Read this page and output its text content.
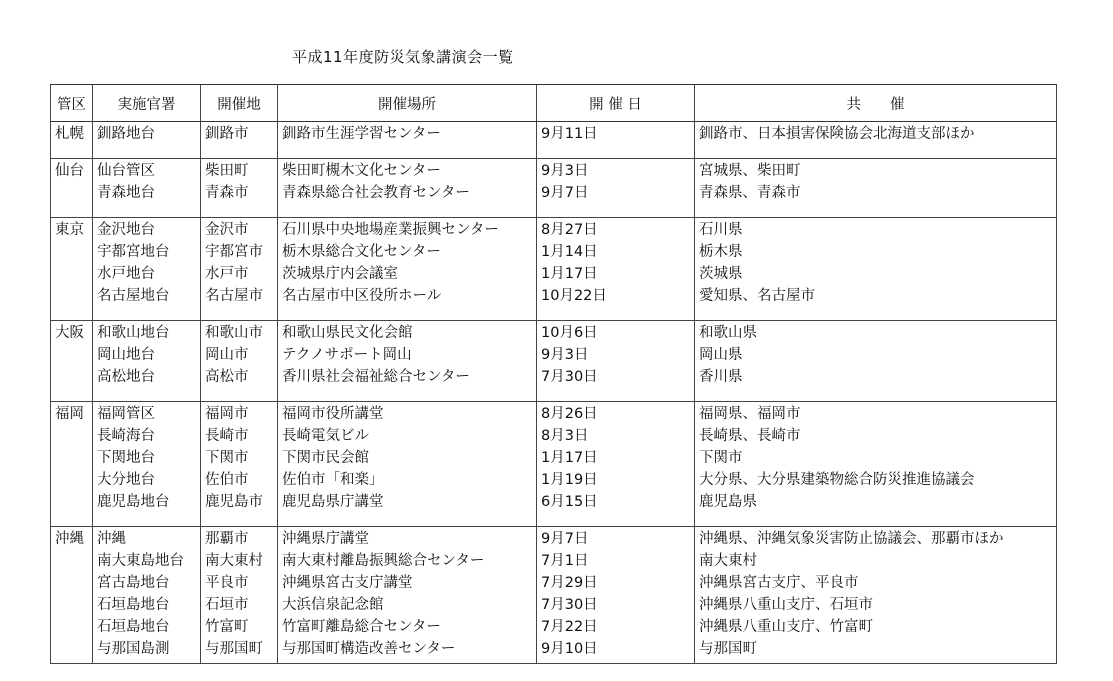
平成11年度防災気象講演会一覧
管区	実施官署	開催地	開催場所	開 催 日	共　　催

札幌	釧路地台	釧路市	釧路市生涯学習センター	9月11日	釧路市、日本損害保険協会北海道支部ほか

仙台	仙台管区	柴田町	柴田町槻木文化センター	9月3日	宮城県、柴田町

	青森地台	青森市	青森県総合社会教育センター	9月7日	青森県、青森市

東京	金沢地台	金沢市	石川県中央地場産業振興センター	8月27日	石川県

	宇都宮地台	宇都宮市	栃木県総合文化センター	1月14日	栃木県

	水戸地台	水戸市	茨城県庁内会議室	1月17日	茨城県

	名古屋地台	名古屋市	名古屋市中区役所ホール	10月22日	愛知県、名古屋市

大阪	和歌山地台	和歌山市	和歌山県民文化会館	10月6日	和歌山県

	岡山地台	岡山市	テクノサポート岡山	9月3日	岡山県

	高松地台	高松市	香川県社会福祉総合センター	7月30日	香川県

福岡	福岡管区	福岡市	福岡市役所講堂	8月26日	福岡県、福岡市

	長崎海台	長崎市	長崎電気ビル	8月3日	長崎県、長崎市

	下関地台	下関市	下関市民会館	1月17日	下関市

	大分地台	佐伯市	佐伯市「和楽」	1月19日	大分県、大分県建築物総合防災推進協議会

	鹿児島地台	鹿児島市	鹿児島県庁講堂	6月15日	鹿児島県

沖縄	沖縄	那覇市	沖縄県庁講堂	9月7日	沖縄県、沖縄気象災害防止協議会、那覇市ほか

	南大東島地台	南大東村	南大東村離島振興総合センター	7月1日	南大東村

	宮古島地台	平良市	沖縄県宮古支庁講堂	7月29日	沖縄県宮古支庁、平良市

	石垣島地台	石垣市	大浜信泉記念館	7月30日	沖縄県八重山支庁、石垣市

	石垣島地台	竹富町	竹富町離島総合センター	7月22日	沖縄県八重山支庁、竹富町

	与那国島測	与那国町	与那国町構造改善センター	9月10日	与那国町
